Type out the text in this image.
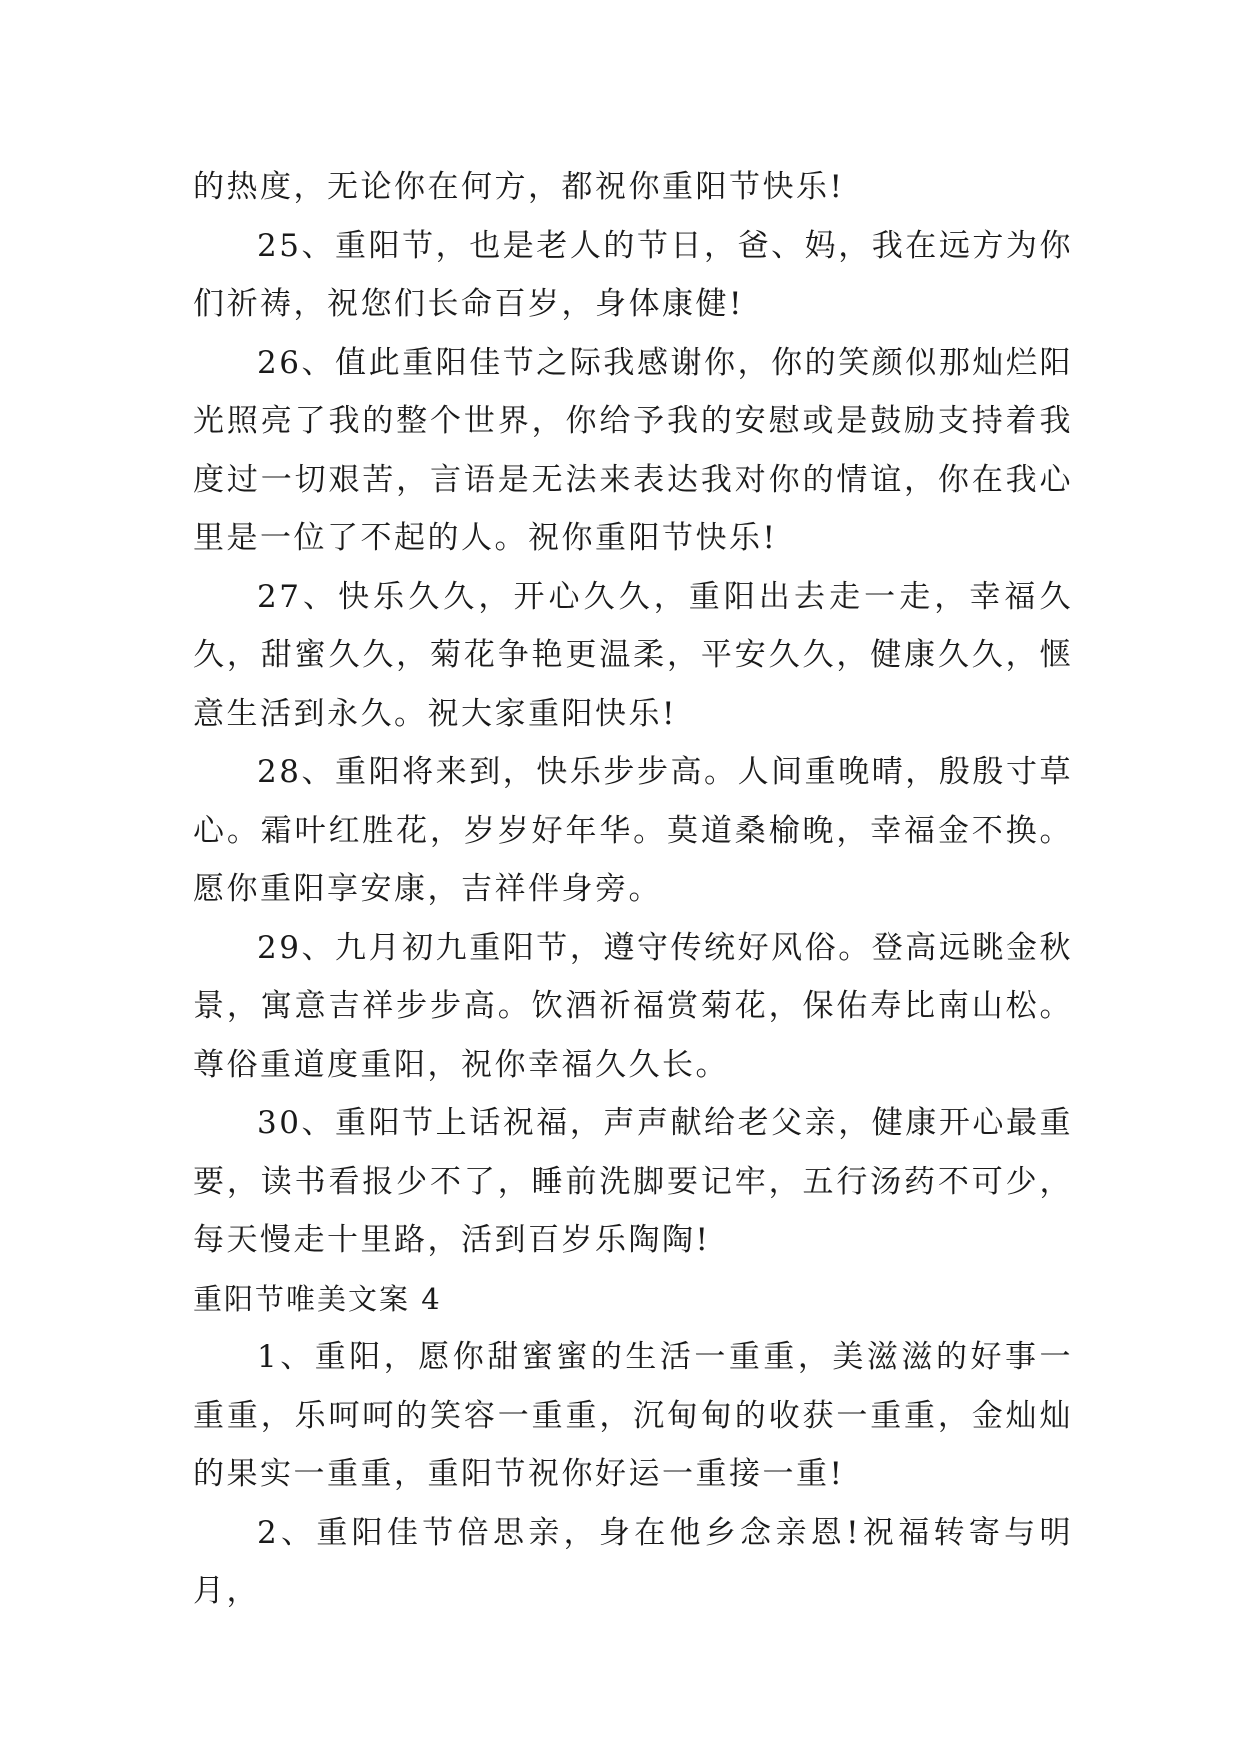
的热度，无论你在何方，都祝你重阳节快乐!

25、重阳节，也是老人的节日，爸、妈，我在远方为你们祈祷，祝您们长命百岁，身体康健!

26、值此重阳佳节之际我感谢你，你的笑颜似那灿烂阳光照亮了我的整个世界，你给予我的安慰或是鼓励支持着我度过一切艰苦，言语是无法来表达我对你的情谊，你在我心里是一位了不起的人。祝你重阳节快乐!

27、快乐久久，开心久久，重阳出去走一走，幸福久久，甜蜜久久，菊花争艳更温柔，平安久久，健康久久，惬意生活到永久。祝大家重阳快乐!

28、重阳将来到，快乐步步高。人间重晚晴，殷殷寸草心。霜叶红胜花，岁岁好年华。莫道桑榆晚，幸福金不换。愿你重阳享安康，吉祥伴身旁。

29、九月初九重阳节，遵守传统好风俗。登高远眺金秋景，寓意吉祥步步高。饮酒祈福赏菊花，保佑寿比南山松。尊俗重道度重阳，祝你幸福久久长。

30、重阳节上话祝福，声声献给老父亲，健康开心最重要，读书看报少不了，睡前洗脚要记牢，五行汤药不可少，每天慢走十里路，活到百岁乐陶陶!

重阳节唯美文案 4

1、重阳，愿你甜蜜蜜的生活一重重，美滋滋的好事一重重，乐呵呵的笑容一重重，沉甸甸的收获一重重，金灿灿的果实一重重，重阳节祝你好运一重接一重!

2、重阳佳节倍思亲，身在他乡念亲恩!祝福转寄与明月，
